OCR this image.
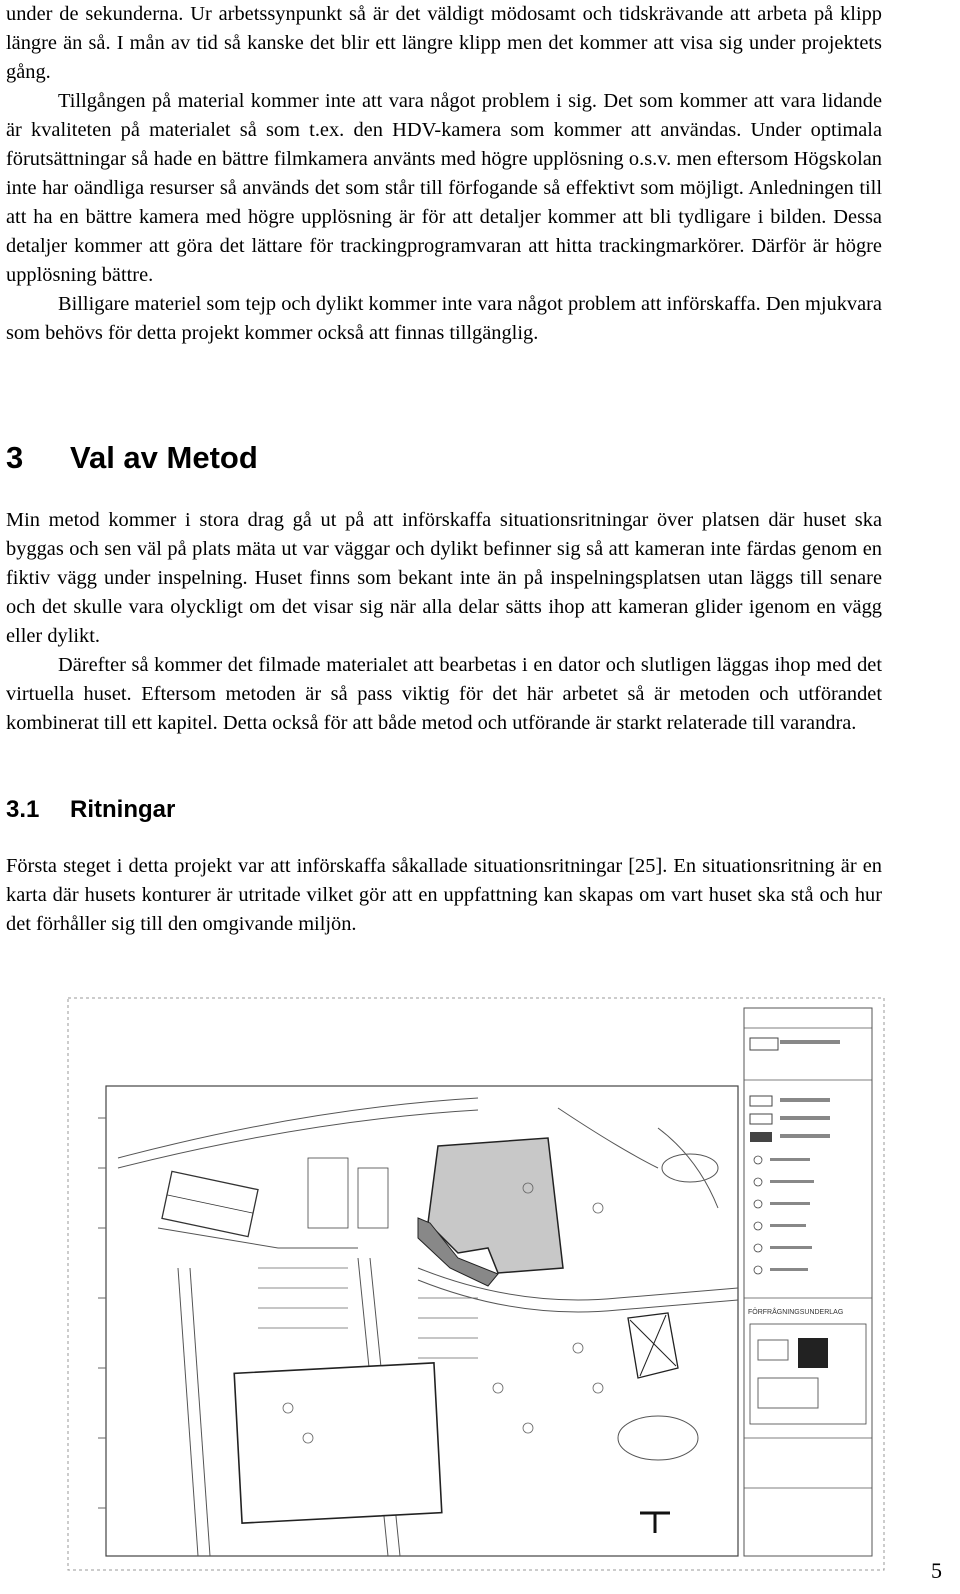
under de sekunderna. Ur arbetssynpunkt så är det väldigt mödosamt och tidskrävande att arbeta på klipp längre än så. I mån av tid så kanske det blir ett längre klipp men det kommer att visa sig under projektets gång.

Tillgången på material kommer inte att vara något problem i sig. Det som kommer att vara lidande är kvaliteten på materialet så som t.ex. den HDV-kamera som kommer att användas. Under optimala förutsättningar så hade en bättre filmkamera använts med högre upplösning o.s.v. men eftersom Högskolan inte har oändliga resurser så används det som står till förfogande så effektivt som möjligt. Anledningen till att ha en bättre kamera med högre upplösning är för att detaljer kommer att bli tydligare i bilden. Dessa detaljer kommer att göra det lättare för trackingprogramvaran att hitta trackingmarkörer. Därför är högre upplösning bättre.

Billigare materiel som tejp och dylikt kommer inte vara något problem att införskaffa. Den mjukvara som behövs för detta projekt kommer också att finnas tillgänglig.

3 Val av Metod

Min metod kommer i stora drag gå ut på att införskaffa situationsritningar över platsen där huset ska byggas och sen väl på plats mäta ut var väggar och dylikt befinner sig så att kameran inte färdas genom en fiktiv vägg under inspelning. Huset finns som bekant inte än på inspelningsplatsen utan läggs till senare och det skulle vara olyckligt om det visar sig när alla delar sätts ihop att kameran glider igenom en vägg eller dylikt.

Därefter så kommer det filmade materialet att bearbetas i en dator och slutligen läggas ihop med det virtuella huset. Eftersom metoden är så pass viktig för det här arbetet så är metoden och utförandet kombinerat till ett kapitel. Detta också för att både metod och utförande är starkt relaterade till varandra.

3.1 Ritningar

Första steget i detta projekt var att införskaffa såkallade situationsritningar [25]. En situationsritning är en karta där husets konturer är utritade vilket gör att en uppfattning kan skapas om vart huset ska stå och hur det förhåller sig till den omgivande miljön.

FÖRFRÅGNINGSUNDERLAG
5
